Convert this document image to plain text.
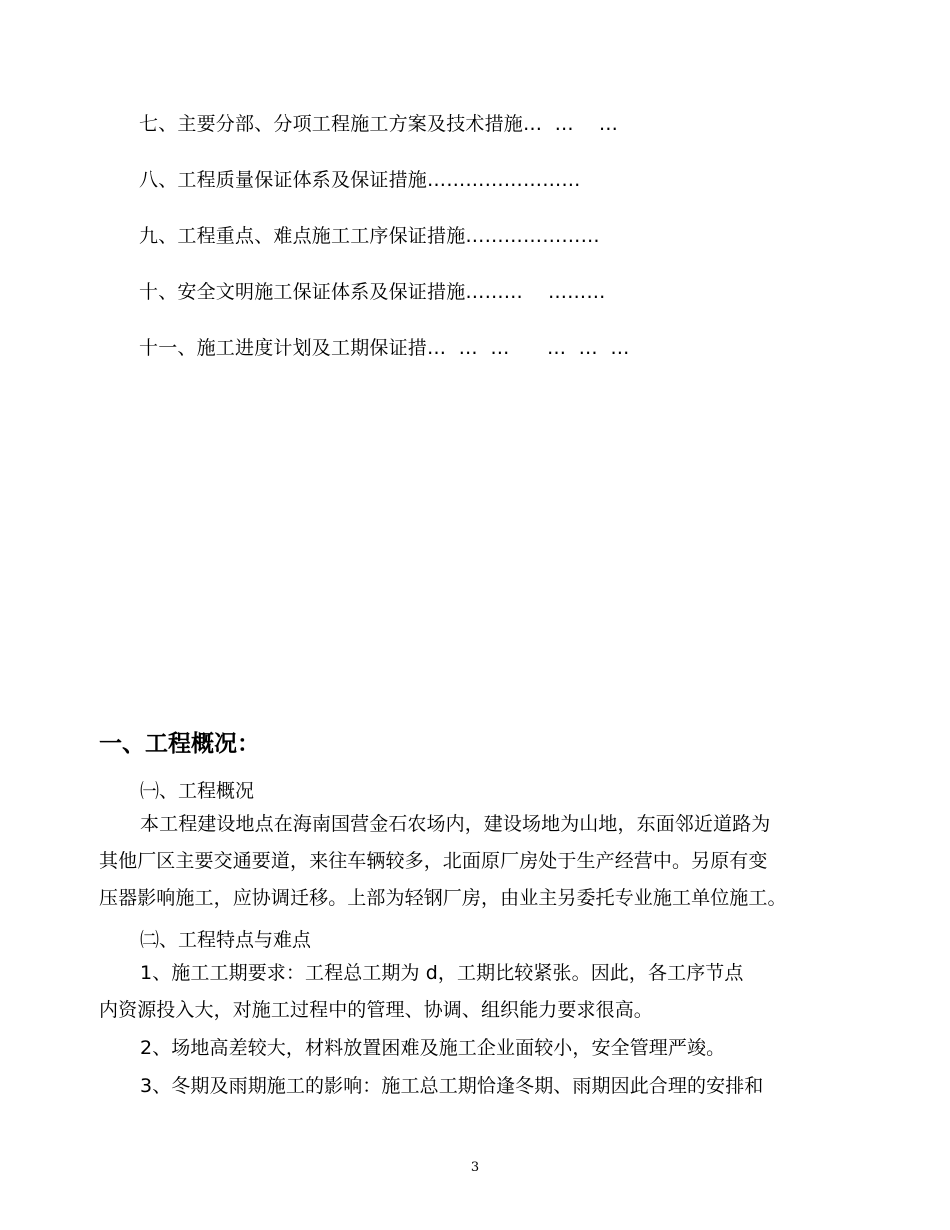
七、主要分部、分项工程施工方案及技术措施…  …    …
八、工程质量保证体系及保证措施……………………
九、工程重点、难点施工工序保证措施…………………
十、安全文明施工保证体系及保证措施………    ………
十一、施工进度计划及工期保证措…  …  …      …  …  …
一、工程概况：
㈠、工程概况
本工程建设地点在海南国营金石农场内，建设场地为山地，东面邻近道路为
其他厂区主要交通要道，来往车辆较多，北面原厂房处于生产经营中。另原有变
压器影响施工，应协调迁移。上部为轻钢厂房，由业主另委托专业施工单位施工。
㈡、工程特点与难点
1、施工工期要求：工程总工期为 d，工期比较紧张。因此，各工序节点
内资源投入大，对施工过程中的管理、协调、组织能力要求很高。
2、场地高差较大，材料放置困难及施工企业面较小，安全管理严竣。
3、冬期及雨期施工的影响：施工总工期恰逢冬期、雨期因此合理的安排和
3
